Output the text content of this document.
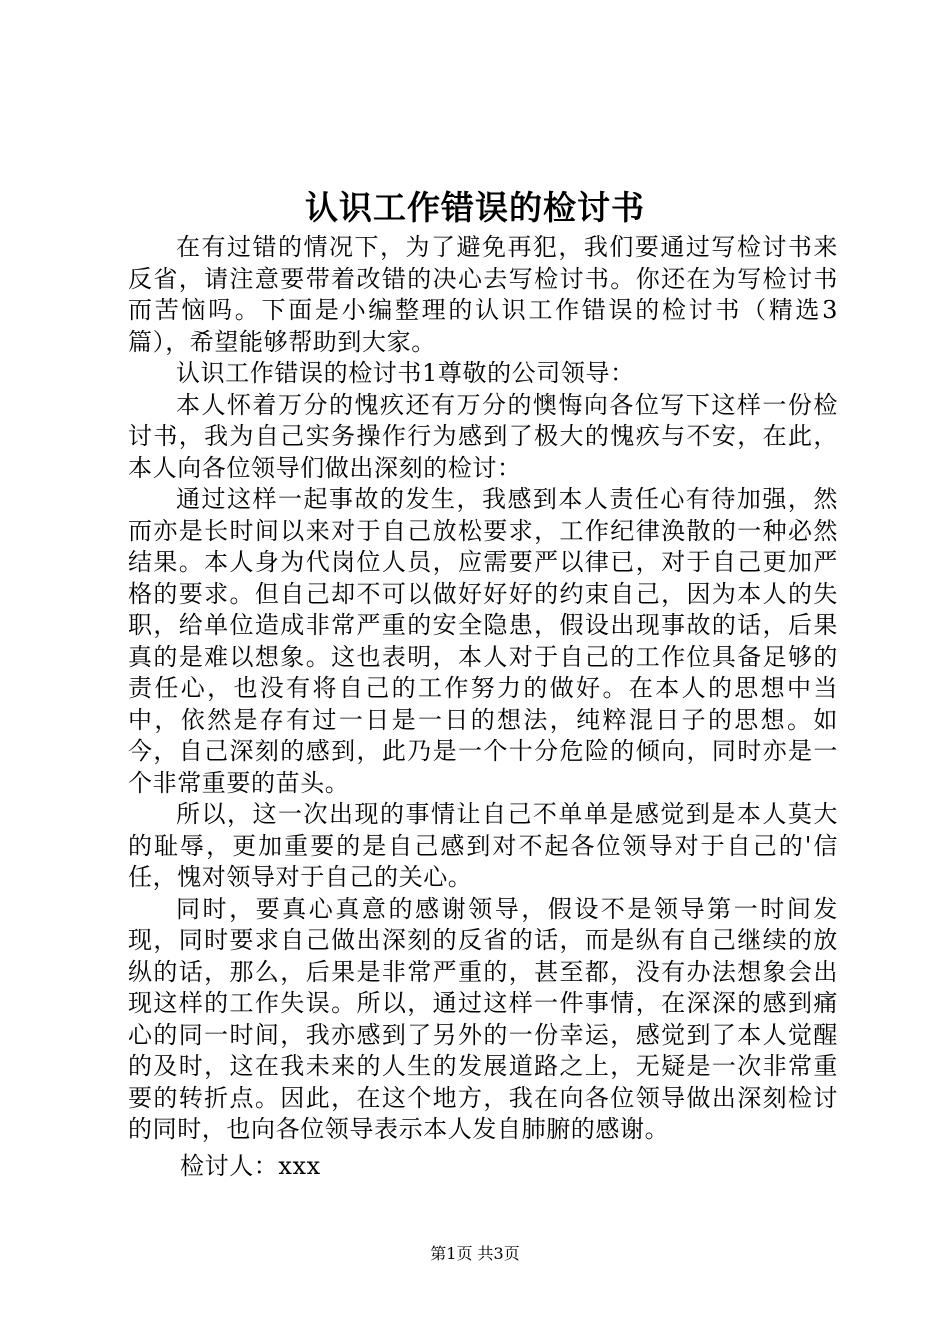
认识工作错误的检讨书

在有过错的情况下，为了避免再犯，我们要通过写检讨书来反省，请注意要带着改错的决心去写检讨书。你还在为写检讨书而苦恼吗。下面是小编整理的认识工作错误的检讨书（精选3篇），希望能够帮助到大家。

认识工作错误的检讨书1尊敬的公司领导：

本人怀着万分的愧疚还有万分的懊悔向各位写下这样一份检讨书，我为自己实务操作行为感到了极大的愧疚与不安，在此，本人向各位领导们做出深刻的检讨：

通过这样一起事故的发生，我感到本人责任心有待加强，然而亦是长时间以来对于自己放松要求，工作纪律涣散的一种必然结果。本人身为代岗位人员，应需要严以律已，对于自己更加严格的要求。但自己却不可以做好好好的约束自己，因为本人的失职，给单位造成非常严重的安全隐患，假设出现事故的话，后果真的是难以想象。这也表明，本人对于自己的工作位具备足够的责任心，也没有将自己的工作努力的做好。在本人的思想中当中，依然是存有过一日是一日的想法，纯粹混日子的思想。如今，自己深刻的感到，此乃是一个十分危险的倾向，同时亦是一个非常重要的苗头。

所以，这一次出现的事情让自己不单单是感觉到是本人莫大的耻辱，更加重要的是自己感到对不起各位领导对于自己的'信任，愧对领导对于自己的关心。

同时，要真心真意的感谢领导，假设不是领导第一时间发现，同时要求自己做出深刻的反省的话，而是纵有自己继续的放纵的话，那么，后果是非常严重的，甚至都，没有办法想象会出现这样的工作失误。所以，通过这样一件事情，在深深的感到痛心的同一时间，我亦感到了另外的一份幸运，感觉到了本人觉醒的及时，这在我未来的人生的发展道路之上，无疑是一次非常重要的转折点。因此，在这个地方，我在向各位领导做出深刻检讨的同时，也向各位领导表示本人发自肺腑的感谢。

检讨人：xxx
第1页 共3页
